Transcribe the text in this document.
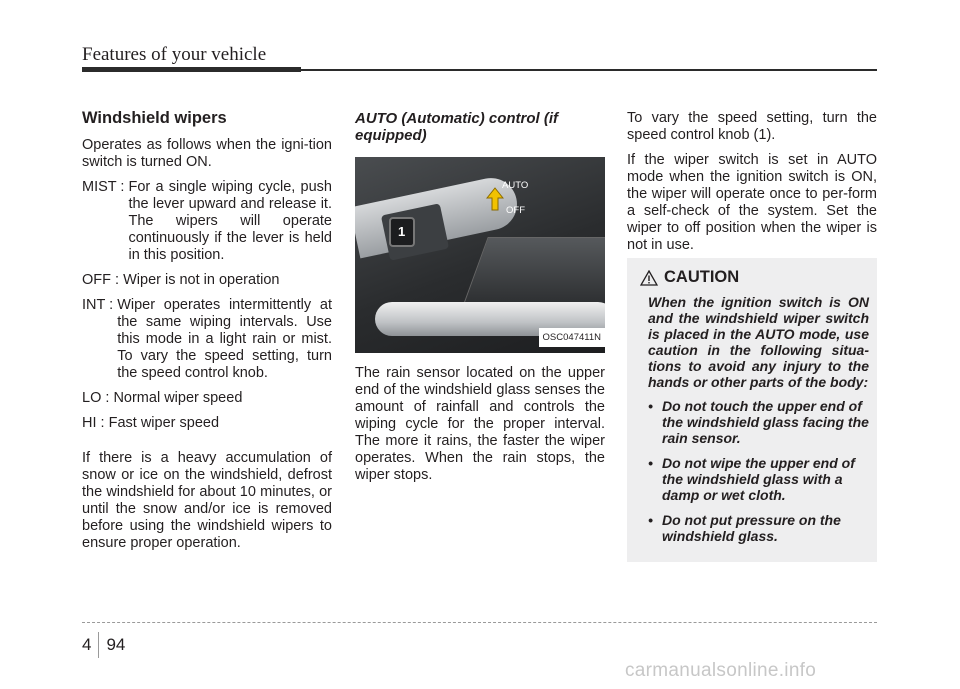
Features of your vehicle
Windshield wipers

Operates as follows when the igni-tion switch is turned ON.

MIST : For a single wiping cycle, push the lever upward and release it. The wipers will operate continuously if the lever is held in this position.
OFF : Wiper is not in operation
INT : Wiper operates intermittently at the same wiping intervals. Use this mode in a light rain or mist. To vary the speed setting, turn the speed control knob.
LO : Normal wiper speed
HI : Fast wiper speed

If there is a heavy accumulation of snow or ice on the windshield, defrost the windshield for about 10 minutes, or until the snow and/or ice is removed before using the windshield wipers to ensure proper operation.

AUTO (Automatic) control (if equipped)
1
AUTO
OFF
OSC047411N

The rain sensor located on the upper end of the windshield glass senses the amount of rainfall and controls the wiping cycle for the proper interval. The more it rains, the faster the wiper operates. When the rain stops, the wiper stops.

To vary the speed setting, turn the speed control knob (1).

If the wiper switch is set in AUTO mode when the ignition switch is ON, the wiper will operate once to per-form a self-check of the system. Set the wiper to off position when the wiper is not in use.

CAUTION

When the ignition switch is ON and the windshield wiper switch is placed in the AUTO mode, use caution in the following situa-tions to avoid any injury to the hands or other parts of the body:

• Do not touch the upper end of the windshield glass facing the rain sensor.
• Do not wipe the upper end of the windshield glass with a damp or wet cloth.
• Do not put pressure on the windshield glass.
4 94
carmanualsonline.info
